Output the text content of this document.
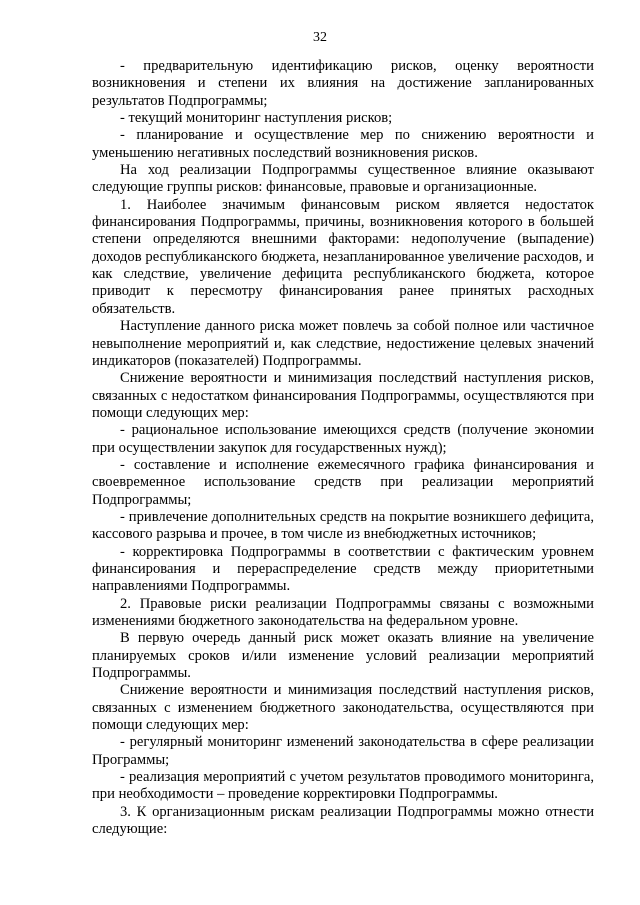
32

- предварительную идентификацию рисков, оценку вероятности возникновения и степени их влияния на достижение запланированных результатов Подпрограммы;

- текущий мониторинг наступления рисков;

- планирование и осуществление мер по снижению вероятности и уменьшению негативных последствий возникновения рисков.

На ход реализации Подпрограммы существенное влияние оказывают следующие группы рисков: финансовые, правовые и организационные.

1. Наиболее значимым финансовым риском является недостаток финансирования Подпрограммы, причины, возникновения которого в большей степени определяются внешними факторами: недополучение (выпадение) доходов республиканского бюджета, незапланированное увеличение расходов, и как следствие, увеличение дефицита республиканского бюджета, которое приводит к пересмотру финансирования ранее принятых расходных обязательств.

Наступление данного риска может повлечь за собой полное или частичное невыполнение мероприятий и, как следствие, недостижение целевых значений индикаторов (показателей) Подпрограммы.

Снижение вероятности и минимизация последствий наступления рисков, связанных с недостатком финансирования Подпрограммы, осуществляются при помощи следующих мер:

- рациональное использование имеющихся средств (получение экономии при осуществлении закупок для государственных нужд);

- составление и исполнение ежемесячного графика финансирования и своевременное использование средств при реализации мероприятий Подпрограммы;

- привлечение дополнительных средств на покрытие возникшего дефицита, кассового разрыва и прочее, в том числе из внебюджетных источников;

- корректировка Подпрограммы в соответствии с фактическим уровнем финансирования и перераспределение средств между приоритетными направлениями Подпрограммы.

2. Правовые риски реализации Подпрограммы связаны с возможными изменениями бюджетного законодательства на федеральном уровне.

В первую очередь данный риск может оказать влияние на увеличение планируемых сроков и/или изменение условий реализации мероприятий Подпрограммы.

Снижение вероятности и минимизация последствий наступления рисков, связанных с изменением бюджетного законодательства, осуществляются при помощи следующих мер:

- регулярный мониторинг изменений законодательства в сфере реализации Программы;

- реализация мероприятий с учетом результатов проводимого мониторинга, при необходимости – проведение корректировки Подпрограммы.

3. К организационным рискам реализации Подпрограммы можно отнести следующие:
